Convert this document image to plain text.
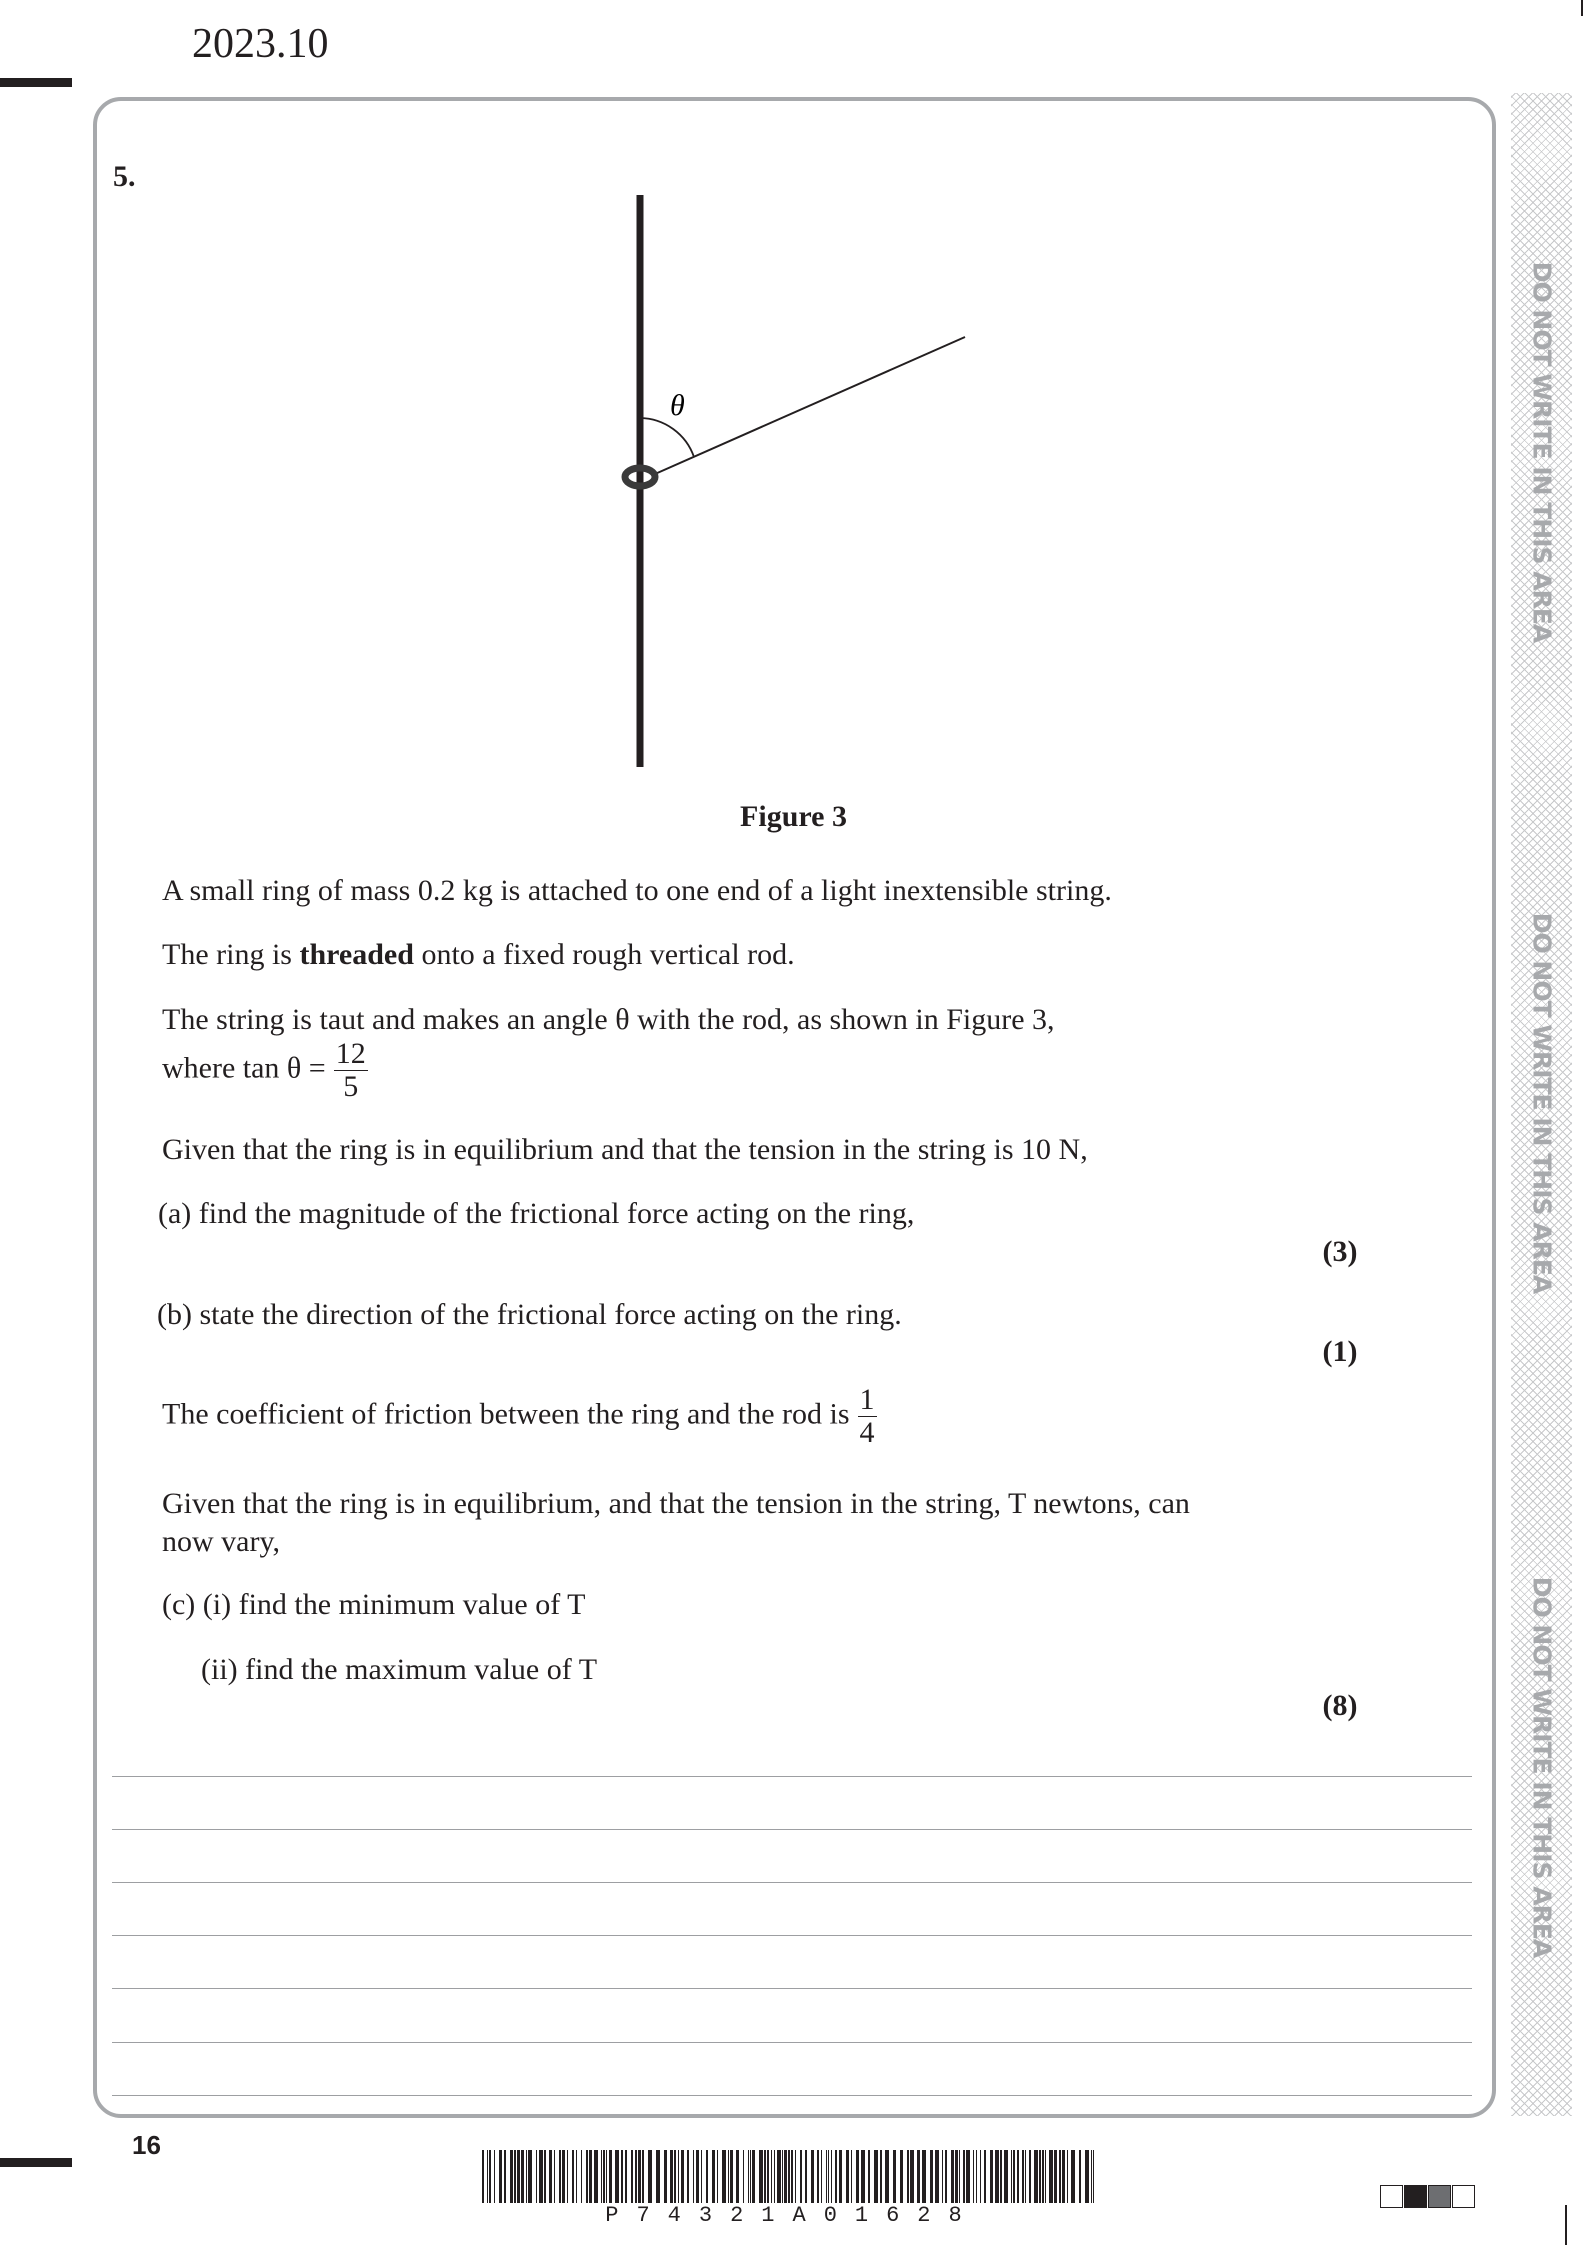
2023.10
5.
θ
Figure 3
A small ring of mass 0.2 kg is attached to one end of a light inextensible string.
The ring is threaded onto a fixed rough vertical rod.
The string is taut and makes an angle θ with the rod, as shown in Figure 3,
where $\tan \theta = \frac{12}{5}$
Given that the ring is in equilibrium and that the tension in the string is 10 N,
(a) find the magnitude of the frictional force acting on the ring,
(3)
(b) state the direction of the frictional force acting on the ring.
(1)
The coefficient of friction between the ring and the rod is $\frac{1}{4}$
Given that the ring is in equilibrium, and that the tension in the string, T newtons, can
now vary,
(c) (i) find the minimum value of T
(ii) find the maximum value of T
(8)
DO NOT WRITE IN THIS AREA
DO NOT WRITE IN THIS AREA
DO NOT WRITE IN THIS AREA
16
P74321A01628
